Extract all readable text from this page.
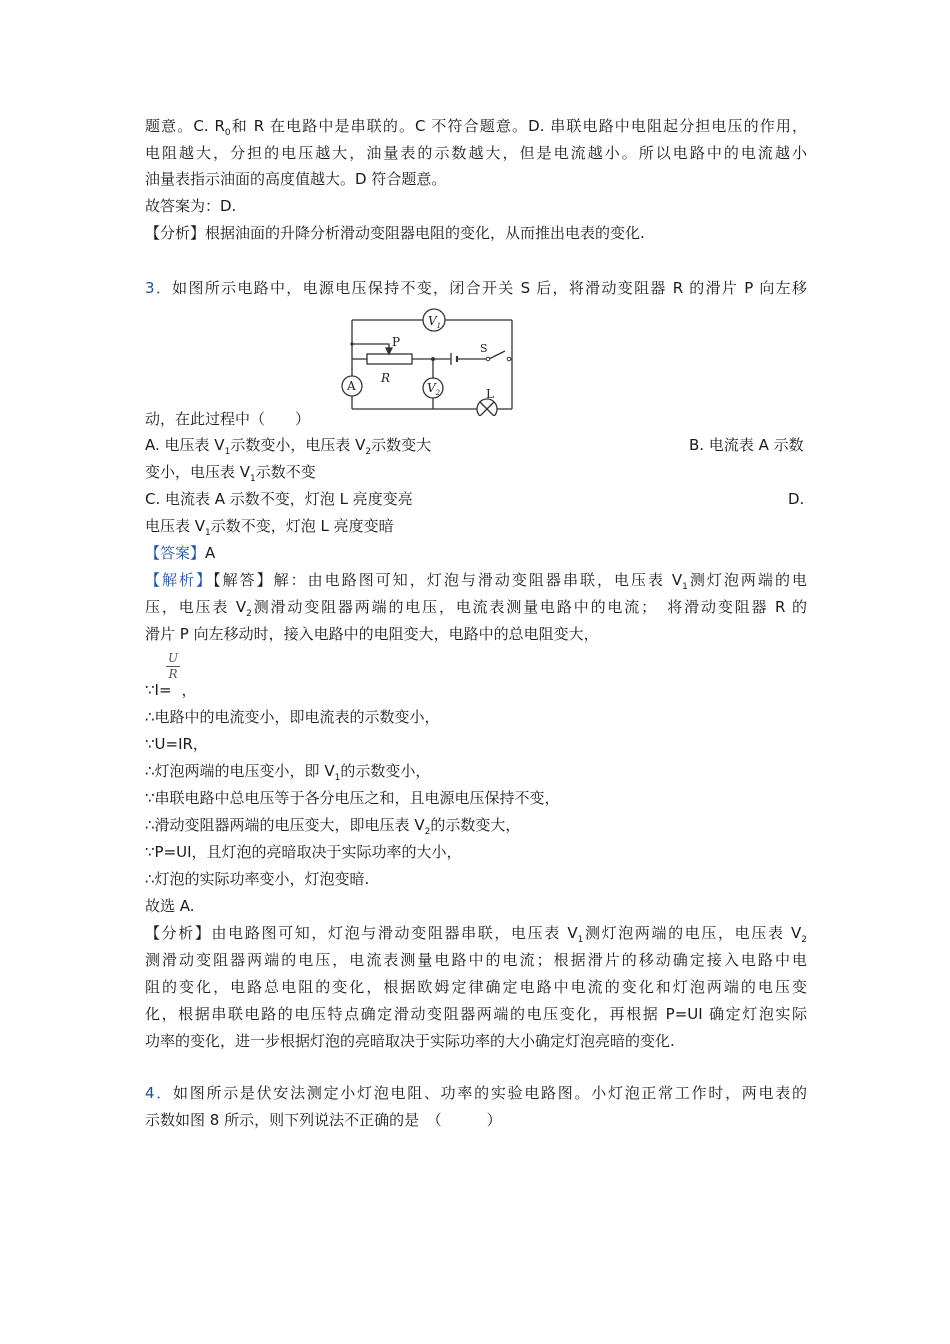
题意。C. $R_0$和 R 在电路中是串联的。C 不符合题意。D. 串联电路中电阻起分担电压的作用，
电阻越大，分担的电压越大，油量表的示数越大，但是电流越小。所以电路中的电流越小
油量表指示油面的高度值越大。D 符合题意。
故答案为：D.
【分析】根据油面的升降分析滑动变阻器电阻的变化，从而推出电表的变化.
3．如图所示电路中，电源电压保持不变，闭合开关 S 后，将滑动变阻器 R 的滑片 P 向左移
$V_1$
P	S
A
R
$V_2$	L
动，在此过程中（　　）
A. 电压表 $V_1$示数变小，电压表 $V_2$示数变大	B. 电流表 A 示数
变小，电压表 $V_1$示数不变
C. 电流表 A 示数不变，灯泡 L 亮度变亮	D.
电压表 $V_1$示数不变，灯泡 L 亮度变暗
【答案】A
【解析】【解答】解：由电路图可知，灯泡与滑动变阻器串联，电压表 $V_1$测灯泡两端的电
压，电压表 $V_2$测滑动变阻器两端的电压，电流表测量电路中的电流；　将滑动变阻器 R 的
滑片 P 向左移动时，接入电路中的电阻变大，电路中的总电阻变大，
U
R
∵I= ，
∴电路中的电流变小，即电流表的示数变小，
∵U=IR，
∴灯泡两端的电压变小，即 $V_1$的示数变小，
∵串联电路中总电压等于各分电压之和，且电源电压保持不变，
∴滑动变阻器两端的电压变大，即电压表 $V_2$的示数变大，
∵P=UI，且灯泡的亮暗取决于实际功率的大小，
∴灯泡的实际功率变小，灯泡变暗.
故选 A.
【分析】由电路图可知，灯泡与滑动变阻器串联，电压表 $V_1$测灯泡两端的电压，电压表 $V_2$
测滑动变阻器两端的电压，电流表测量电路中的电流；根据滑片的移动确定接入电路中电
阻的变化，电路总电阻的变化，根据欧姆定律确定电路中电流的变化和灯泡两端的电压变
化，根据串联电路的电压特点确定滑动变阻器两端的电压变化，再根据 P=UI 确定灯泡实际
功率的变化，进一步根据灯泡的亮暗取决于实际功率的大小确定灯泡亮暗的变化.
4．如图所示是伏安法测定小灯泡电阻、功率的实验电路图。小灯泡正常工作时，两电表的
示数如图 8 所示，则下列说法不正确的是　（　　　）
